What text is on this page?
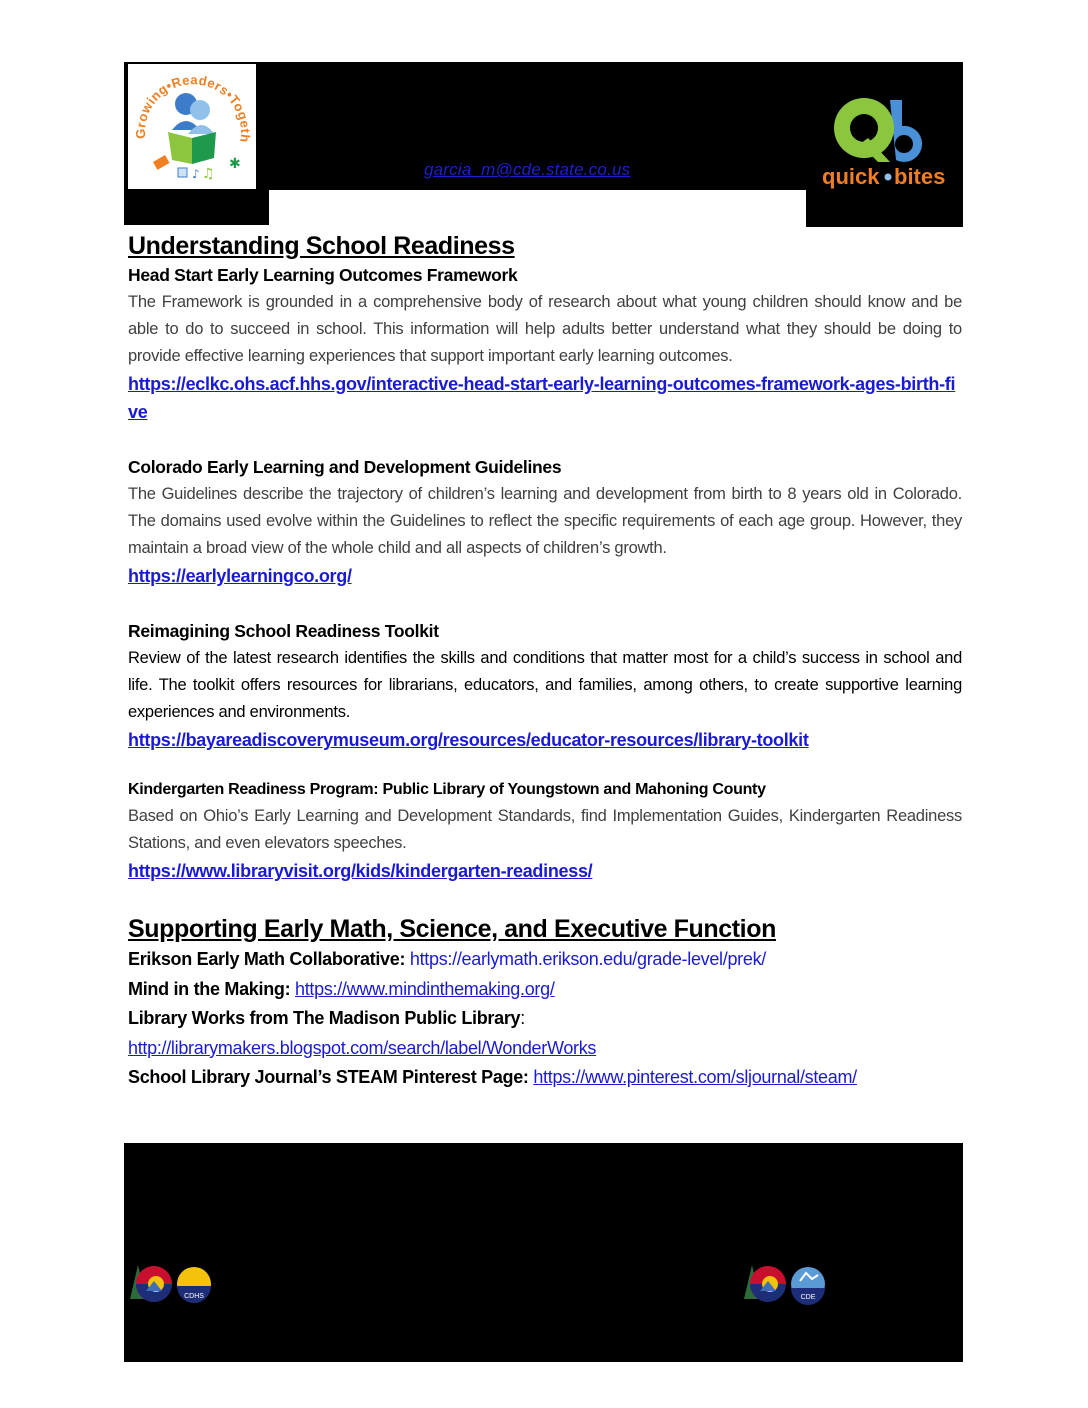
Growing•Readers•Togeth
✱
♪ ♫	quick bites
garcia_m@cde.state.co.us
Understanding School Readiness
Head Start Early Learning Outcomes Framework

The Framework is grounded in a comprehensive body of research about what young children should know and be able to do to succeed in school. This information will help adults better understand what they should be doing to provide effective learning experiences that support important early learning outcomes.

https://eclkc.ohs.acf.hhs.gov/interactive-head-start-early-learning-outcomes-framework-ages-birth-five
Colorado Early Learning and Development Guidelines

The Guidelines describe the trajectory of children’s learning and development from birth to 8 years old in Colorado. The domains used evolve within the Guidelines to reflect the specific requirements of each age group. However, they maintain a broad view of the whole child and all aspects of children’s growth.

https://earlylearningco.org/
Reimagining School Readiness Toolkit

Review of the latest research identifies the skills and conditions that matter most for a child’s success in school and life. The toolkit offers resources for librarians, educators, and families, among others, to create supportive learning experiences and environments.

https://bayareadiscoverymuseum.org/resources/educator-resources/library-toolkit
Kindergarten Readiness Program: Public Library of Youngstown and Mahoning County

Based on Ohio’s Early Learning and Development Standards, find Implementation Guides, Kindergarten Readiness Stations, and even elevators speeches.

https://www.libraryvisit.org/kids/kindergarten-readiness/
Supporting Early Math, Science, and Executive Function
Erikson Early Math Collaborative: https://earlymath.erikson.edu/grade-level/prek/
Mind in the Making: https://www.mindinthemaking.org/
Library Works from The Madison Public Library:
http://librarymakers.blogspot.com/search/label/WonderWorks
School Library Journal’s STEAM Pinterest Page: https://www.pinterest.com/sljournal/steam/
CDHS	CDE
